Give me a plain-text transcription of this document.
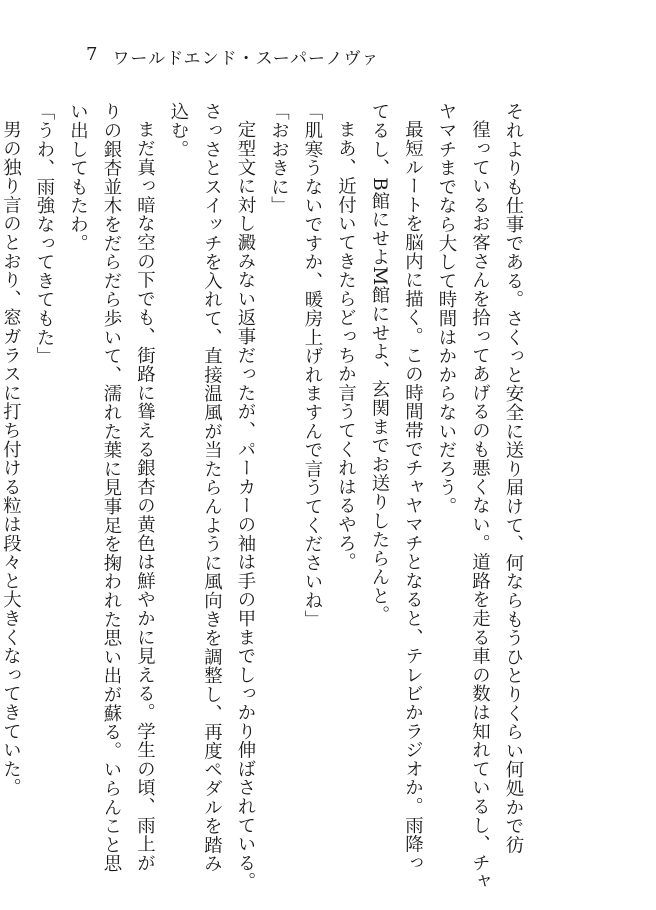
7 ワールドエンド・スーパーノヴァ

それよりも仕事である。さくっと安全に送り届けて、何ならもうひとりくらい何処かで彷

徨っているお客さんを拾ってあげるのも悪くない。道路を走る車の数は知れているし、チャ

ヤマチまでなら大して時間はかからないだろう。

最短ルートを脳内に描く。この時間帯でチャヤマチとなると、テレビかラジオか。雨降っ

てるし、B館にせよM館にせよ、玄関までお送りしたらんと。

まあ、近付いてきたらどっちか言うてくれはるやろ。

「肌寒うないですか、暖房上げれますんで言うてくださいね」

「おおきに」

定型文に対し澱みない返事だったが、パーカーの袖は手の甲までしっかり伸ばされている。

さっさとスイッチを入れて、直接温風が当たらんように風向きを調整し、再度ペダルを踏み

込む。

まだ真っ暗な空の下でも、街路に聳える銀杏の黄色は鮮やかに見える。学生の頃、雨上が

りの銀杏並木をだらだら歩いて、濡れた葉に見事足を掬われた思い出が蘇る。いらんこと思

い出してもたわ。

「うわ、雨強なってきてもた」

男の独り言のとおり、窓ガラスに打ち付ける粒は段々と大きくなってきていた。
